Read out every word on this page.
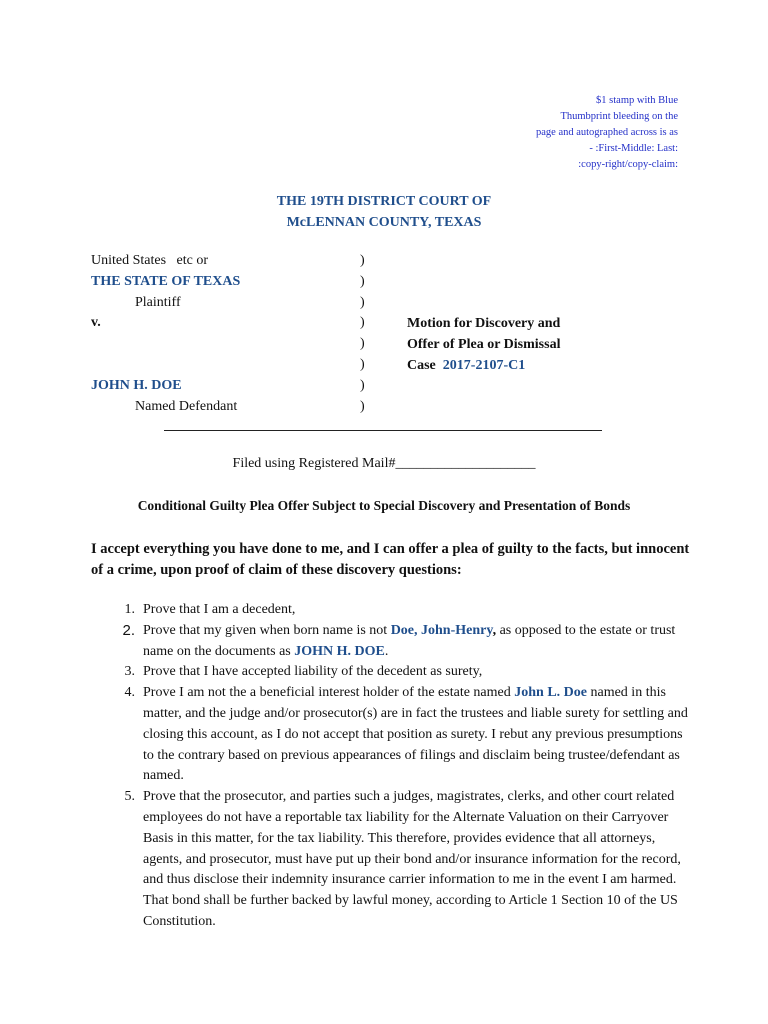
$1 stamp with Blue
Thumbprint bleeding on the
page and autographed across is as
- :First-Middle: Last:
:copy-right/copy-claim:
THE 19TH DISTRICT COURT OF
McLENNAN COUNTY, TEXAS
United States   etc or
THE STATE OF TEXAS
Plaintiff
v.

JOHN H. DOE
Named Defendant
)
)
)
)
)
)
)
)
Motion for Discovery and
Offer of Plea or Dismissal
Case 2017-2107-C1
Filed using Registered Mail#____________________
Conditional Guilty Plea Offer Subject to Special Discovery and Presentation of Bonds
I accept everything you have done to me, and I can offer a plea of guilty to the facts, but innocent of a crime, upon proof of claim of these discovery questions:
1. Prove that I am a decedent,
2. Prove that my given when born name is not Doe, John-Henry, as opposed to the estate or trust name on the documents as JOHN H. DOE.
3. Prove that I have accepted liability of the decedent as surety,
4. Prove I am not the a beneficial interest holder of the estate named John L. Doe named in this matter, and the judge and/or prosecutor(s) are in fact the trustees and liable surety for settling and closing this account, as I do not accept that position as surety. I rebut any previous presumptions to the contrary based on previous appearances of filings and disclaim being trustee/defendant as named.
5. Prove that the prosecutor, and parties such a judges, magistrates, clerks, and other court related employees do not have a reportable tax liability for the Alternate Valuation on their Carryover Basis in this matter, for the tax liability. This therefore, provides evidence that all attorneys, agents, and prosecutor, must have put up their bond and/or insurance information for the record, and thus disclose their indemnity insurance carrier information to me in the event I am harmed. That bond shall be further backed by lawful money, according to Article 1 Section 10 of the US Constitution.
